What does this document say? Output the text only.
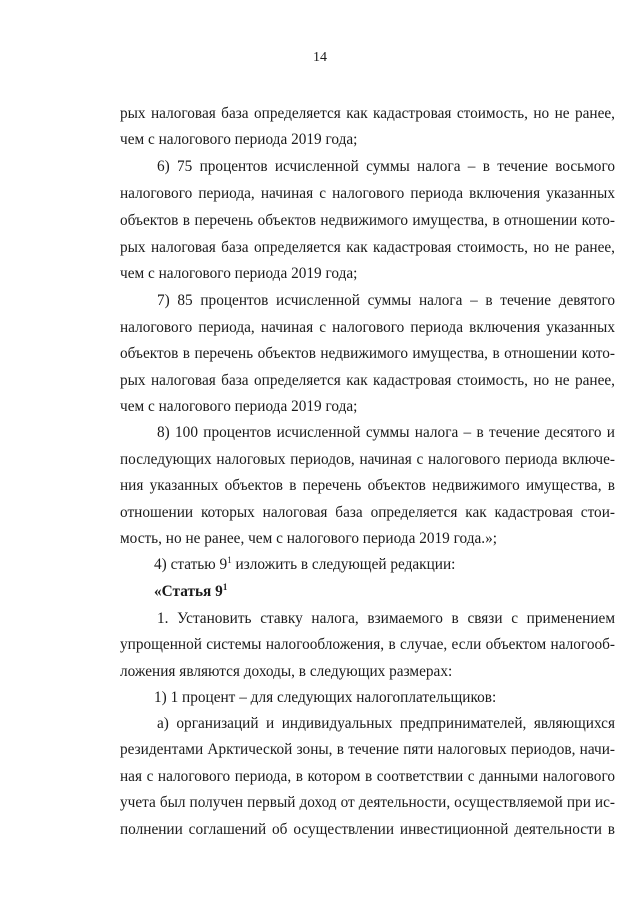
14
рых налоговая база определяется как кадастровая стоимость, но не ранее,
чем с налогового периода 2019 года;
6) 75 процентов исчисленной суммы налога – в течение восьмого
налогового периода, начиная с налогового периода включения указанных
объектов в перечень объектов недвижимого имущества, в отношении кото-
рых налоговая база определяется как кадастровая стоимость, но не ранее,
чем с налогового периода 2019 года;
7) 85 процентов исчисленной суммы налога – в течение девятого
налогового периода, начиная с налогового периода включения указанных
объектов в перечень объектов недвижимого имущества, в отношении кото-
рых налоговая база определяется как кадастровая стоимость, но не ранее,
чем с налогового периода 2019 года;
8) 100 процентов исчисленной суммы налога – в течение десятого и
последующих налоговых периодов, начиная с налогового периода включе-
ния указанных объектов в перечень объектов недвижимого имущества, в
отношении которых налоговая база определяется как кадастровая стои-
мость, но не ранее, чем с налогового периода 2019 года.»;
4) статью $9^1$ изложить в следующей редакции:
«Статья $9^1$
1. Установить ставку налога, взимаемого в связи с применением
упрощенной системы налогообложения, в случае, если объектом налогооб-
ложения являются доходы, в следующих размерах:
1) 1 процент – для следующих налогоплательщиков:
а) организаций и индивидуальных предпринимателей, являющихся
резидентами Арктической зоны, в течение пяти налоговых периодов, начи-
ная с налогового периода, в котором в соответствии с данными налогового
учета был получен первый доход от деятельности, осуществляемой при ис-
полнении соглашений об осуществлении инвестиционной деятельности в
